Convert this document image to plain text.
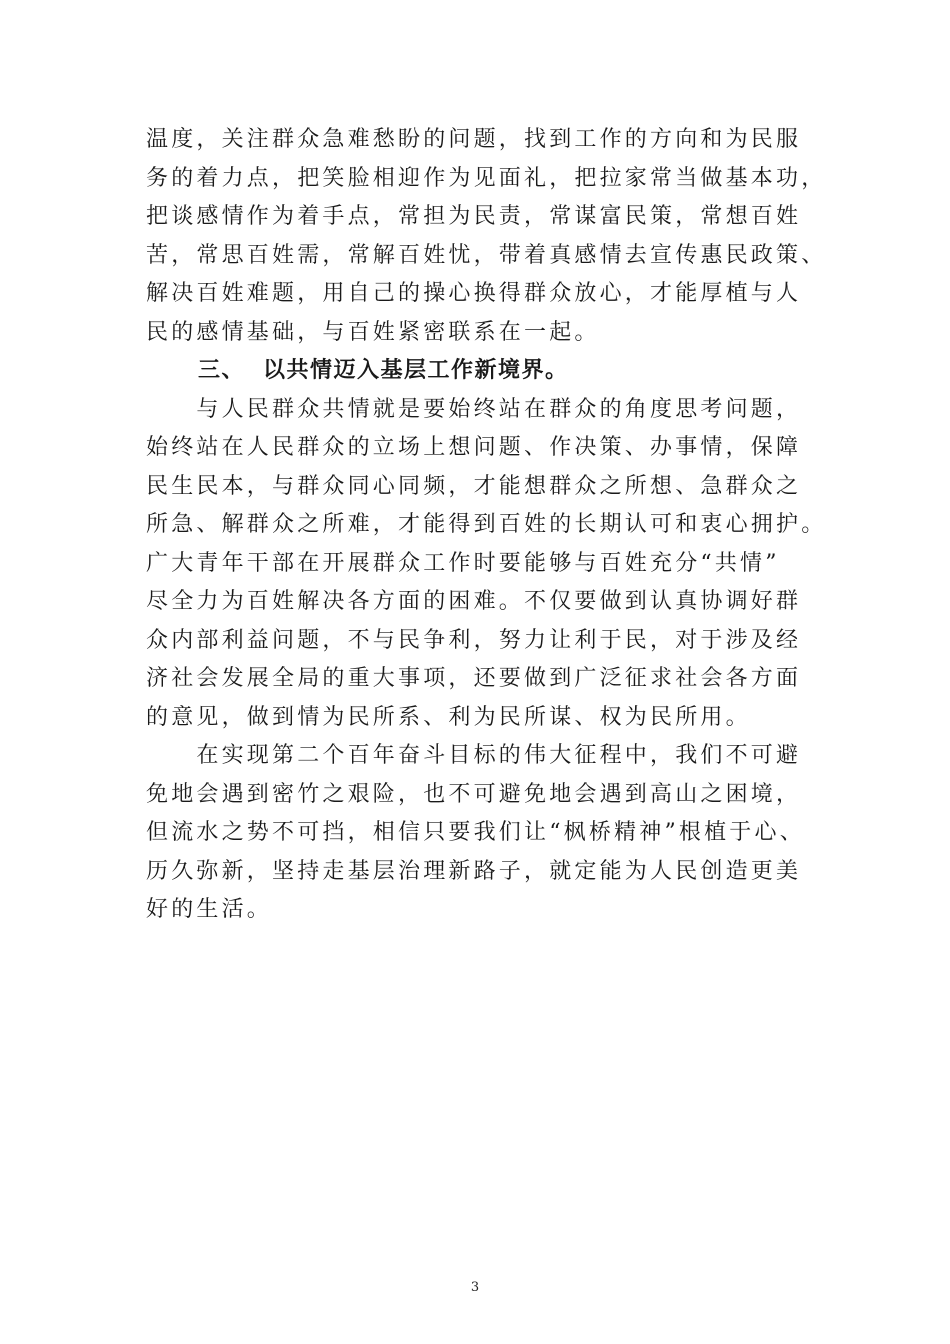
温度，关注群众急难愁盼的问题，找到工作的方向和为民服
务的着力点，把笑脸相迎作为见面礼，把拉家常当做基本功，
把谈感情作为着手点，常担为民责，常谋富民策，常想百姓
苦，常思百姓需，常解百姓忧，带着真感情去宣传惠民政策、
解决百姓难题，用自己的操心换得群众放心，才能厚植与人
民的感情基础，与百姓紧密联系在一起。
三、 以共情迈入基层工作新境界。
　　与人民群众共情就是要始终站在群众的角度思考问题，
始终站在人民群众的立场上想问题、作决策、办事情，保障
民生民本，与群众同心同频，才能想群众之所想、急群众之
所急、解群众之所难，才能得到百姓的长期认可和衷心拥护。
广大青年干部在开展群众工作时要能够与百姓充分“共情”
尽全力为百姓解决各方面的困难。不仅要做到认真协调好群
众内部利益问题，不与民争利，努力让利于民，对于涉及经
济社会发展全局的重大事项，还要做到广泛征求社会各方面
的意见，做到情为民所系、利为民所谋、权为民所用。
　　在实现第二个百年奋斗目标的伟大征程中，我们不可避
免地会遇到密竹之艰险，也不可避免地会遇到高山之困境，
但流水之势不可挡，相信只要我们让“枫桥精神”根植于心、
历久弥新，坚持走基层治理新路子，就定能为人民创造更美
好的生活。
3
